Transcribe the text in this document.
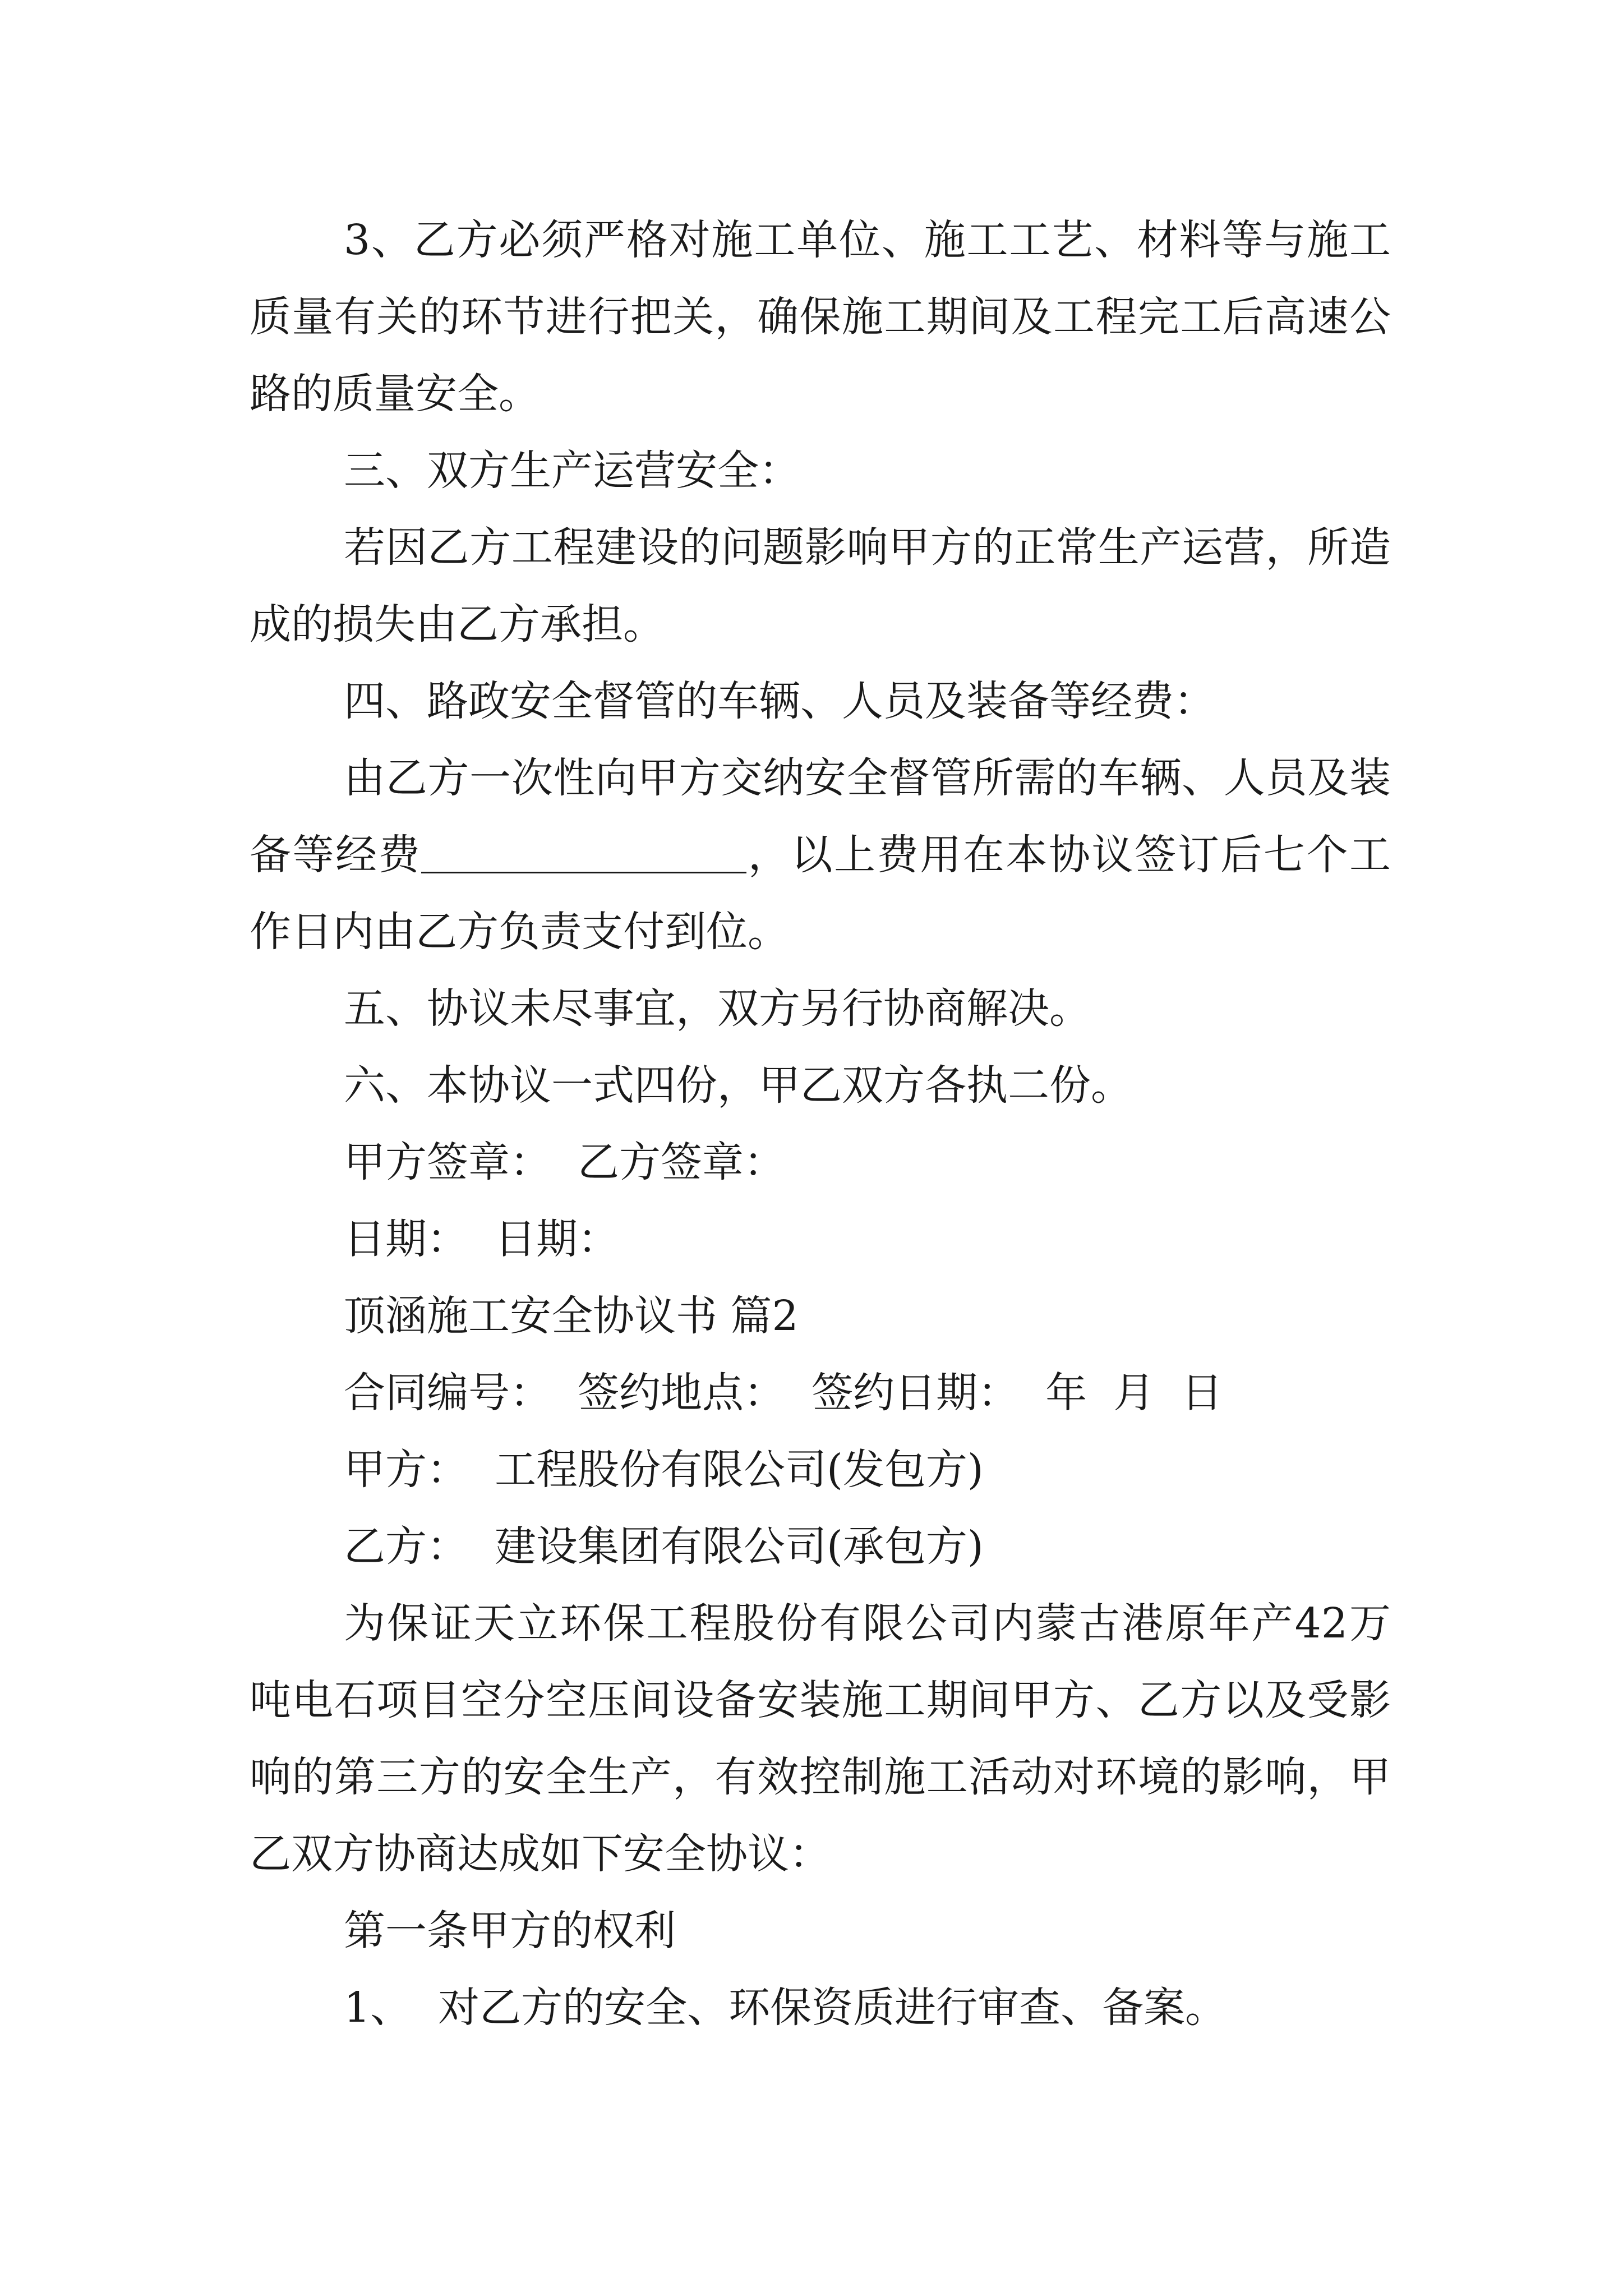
3、乙方必须严格对施工单位、施工工艺、材料等与施工质量有关的环节进行把关，确保施工期间及工程完工后高速公路的质量安全。

三、双方生产运营安全：

若因乙方工程建设的问题影响甲方的正常生产运营，所造成的损失由乙方承担。

四、路政安全督管的车辆、人员及装备等经费：

由乙方一次性向甲方交纳安全督管所需的车辆、人员及装备等经费	，以上费用在本协议签订后七个工作日内由乙方负责支付到位。

五、协议未尽事宜，双方另行协商解决。

六、本协议一式四份，甲乙双方各执二份。

甲方签章：  乙方签章：

日期：  日期：

顶涵施工安全协议书 篇2

合同编号：  签约地点：  签约日期：  年  月  日

甲方：  工程股份有限公司(发包方)

乙方：  建设集团有限公司(承包方)

为保证天立环保工程股份有限公司内蒙古港原年产42万吨电石项目空分空压间设备安装施工期间甲方、乙方以及受影响的第三方的安全生产，有效控制施工活动对环境的影响，甲乙双方协商达成如下安全协议：

第一条甲方的权利

1、  对乙方的安全、环保资质进行审查、备案。
